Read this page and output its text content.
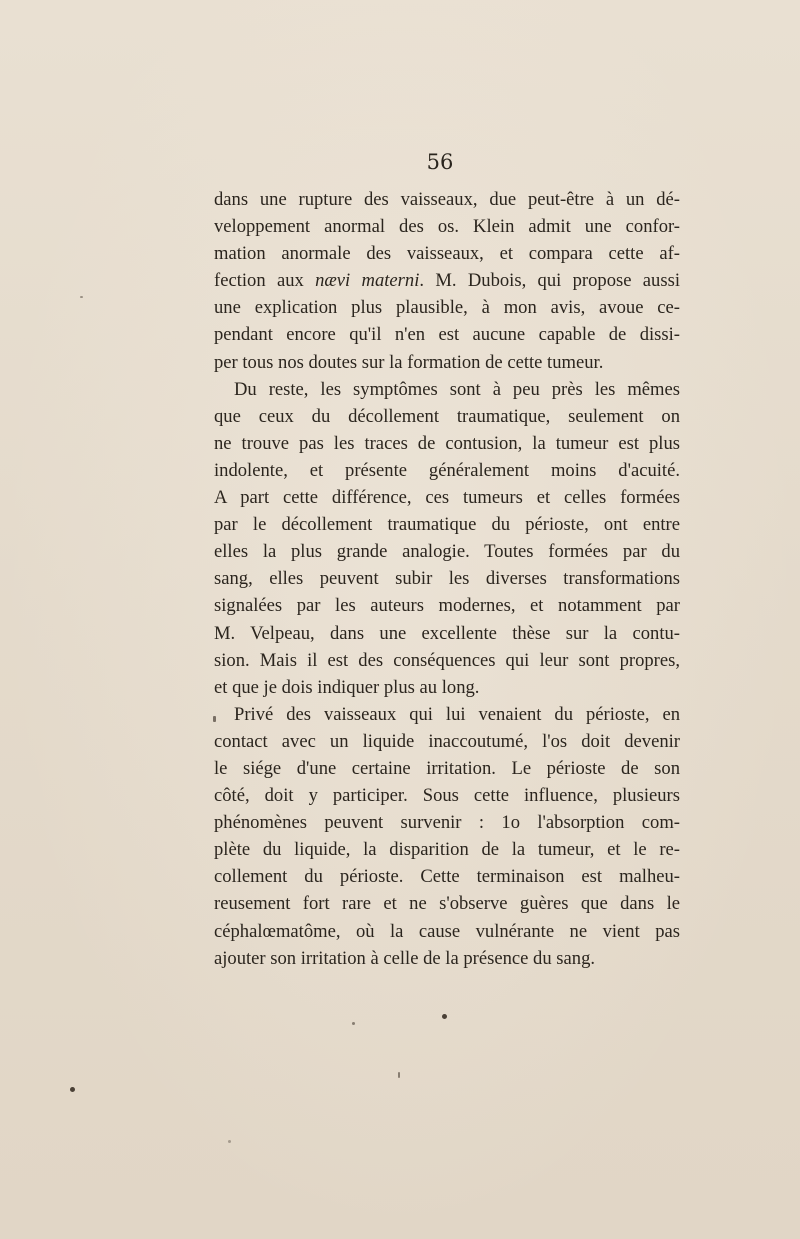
56
dans une rupture des vaisseaux, due peut-être à un dé-
veloppement anormal des os. Klein admit une confor-
mation anormale des vaisseaux, et compara cette af-
fection aux nævi materni. M. Dubois, qui propose aussi
une explication plus plausible, à mon avis, avoue ce-
pendant encore qu'il n'en est aucune capable de dissi-
per tous nos doutes sur la formation de cette tumeur.
Du reste, les symptômes sont à peu près les mêmes
que ceux du décollement traumatique, seulement on
ne trouve pas les traces de contusion, la tumeur est plus
indolente, et présente généralement moins d'acuité.
A part cette différence, ces tumeurs et celles formées
par le décollement traumatique du périoste, ont entre
elles la plus grande analogie. Toutes formées par du
sang, elles peuvent subir les diverses transformations
signalées par les auteurs modernes, et notamment par
M. Velpeau, dans une excellente thèse sur la contu-
sion. Mais il est des conséquences qui leur sont propres,
et que je dois indiquer plus au long.
Privé des vaisseaux qui lui venaient du périoste, en
contact avec un liquide inaccoutumé, l'os doit devenir
le siége d'une certaine irritation. Le périoste de son
côté, doit y participer. Sous cette influence, plusieurs
phénomènes peuvent survenir : 1o l'absorption com-
plète du liquide, la disparition de la tumeur, et le re-
collement du périoste. Cette terminaison est malheu-
reusement fort rare et ne s'observe guères que dans le
céphalœmatôme, où la cause vulnérante ne vient pas
ajouter son irritation à celle de la présence du sang.
